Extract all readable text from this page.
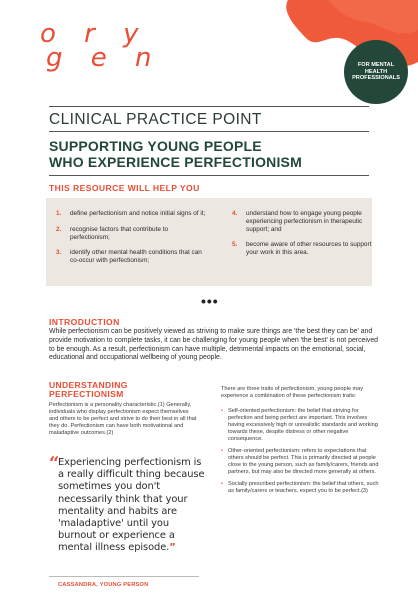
o r y
g e n	FOR MENTAL HEALTH PROFESSIONALS
CLINICAL PRACTICE POINT
SUPPORTING YOUNG PEOPLE
WHO EXPERIENCE PERFECTIONISM
THIS RESOURCE WILL HELP YOU
1.	define perfectionism and notice initial signs of it;
2.	recognise factors that contribute to perfectionism;
3.	identify other mental health conditions that can co-occur with perfectionism;
4.	understand how to engage young people experiencing perfectionism in therapeutic support; and
5.	become aware of other resources to support your work in this area.
•••
INTRODUCTION

While perfectionism can be positively viewed as striving to make sure things are 'the best they can be' and provide motivation to complete tasks, it can be challenging for young people when 'the best' is not perceived to be enough. As a result, perfectionism can have multiple, detrimental impacts on the emotional, social, educational and occupational wellbeing of young people.

UNDERSTANDING
PERFECTIONISM

Perfectionism is a personality characteristic.(1) Generally, individuals who display perfectionism expect themselves and others to be perfect and strive to do their best in all that they do. Perfectionism can have both motivational and maladaptive outcomes.(2)

“

Experiencing perfectionism is a really difficult thing because sometimes you don't necessarily think that your mentality and habits are 'maladaptive' until you burnout or experience a mental illness episode.”

CASSANDRA, YOUNG PERSON

There are three traits of perfectionism, young people may experience a combination of these perfectionism traits:

• Self-oriented perfectionism: the belief that striving for perfection and being perfect are important. This involves having excessively high or unrealistic standards and working towards these, despite distress or other negative consequence.
• Other-oriented perfectionism: refers to expectations that others should be perfect. This is primarily directed at people close to the young person, such as family/carers, friends and partners, but may also be directed more generally at others.
• Socially prescribed perfectionism: the belief that others, such as family/carers or teachers, expect you to be perfect.(3)
